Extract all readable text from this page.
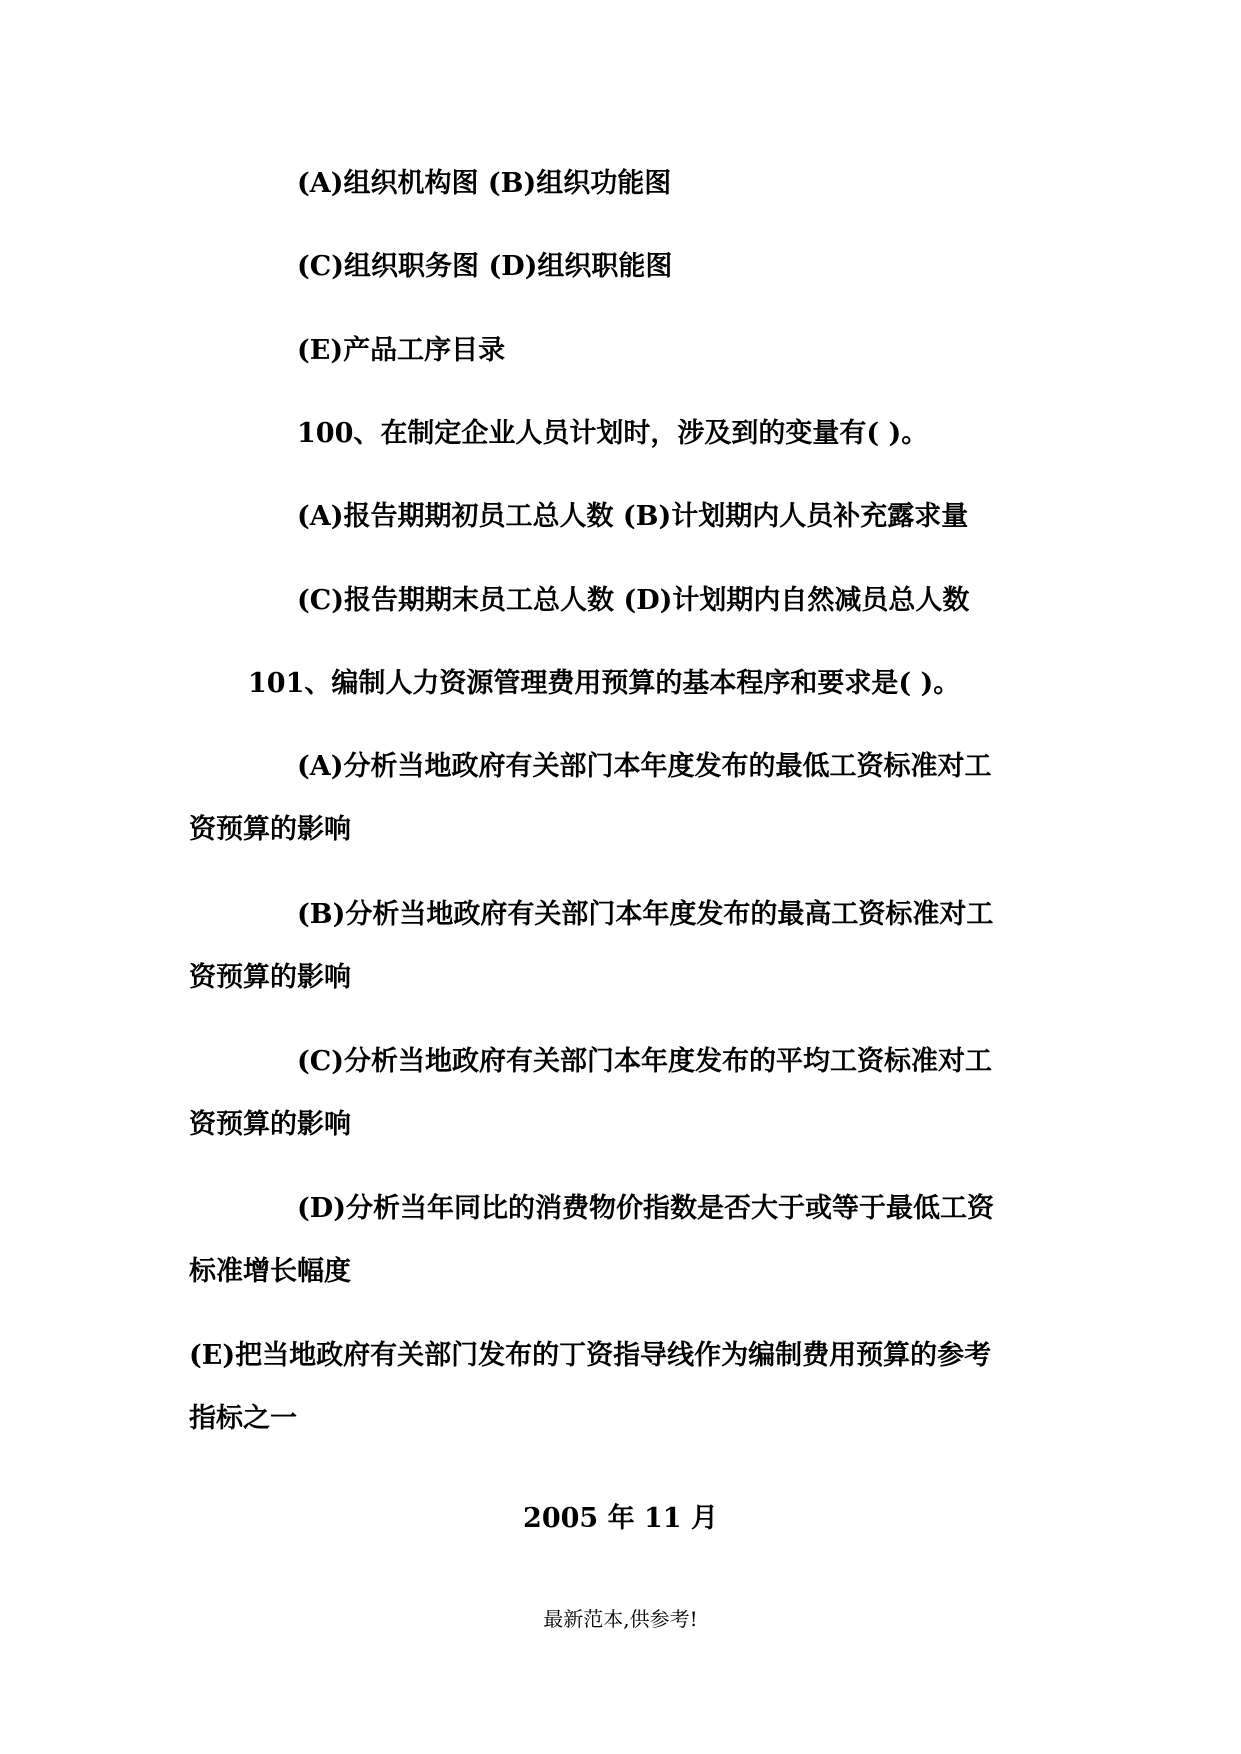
(A)组织机构图 (B)组织功能图
(C)组织职务图 (D)组织职能图
(E)产品工序目录
100、在制定企业人员计划时，涉及到的变量有( )。
(A)报告期期初员工总人数 (B)计划期内人员补充露求量
(C)报告期期末员工总人数 (D)计划期内自然减员总人数
101、编制人力资源管理费用预算的基本程序和要求是( )。
(A)分析当地政府有关部门本年度发布的最低工资标准对工
资预算的影响
(B)分析当地政府有关部门本年度发布的最高工资标准对工
资预算的影响
(C)分析当地政府有关部门本年度发布的平均工资标准对工
资预算的影响
(D)分析当年同比的消费物价指数是否大于或等于最低工资
标准增长幅度
(E)把当地政府有关部门发布的丁资指导线作为编制费用预算的参考
指标之一
2005 年 11 月
最新范本,供参考!
